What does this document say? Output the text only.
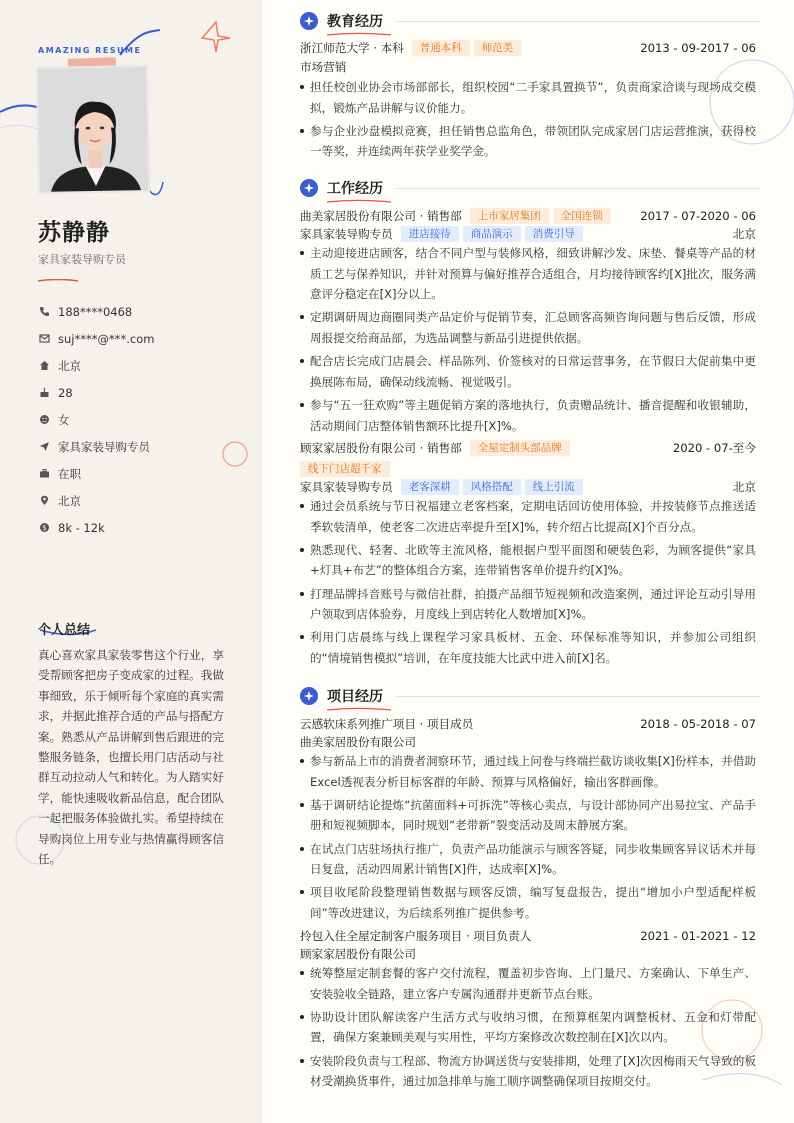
AMAZING RESUME
苏静静
家具家装导购专员
188****0468
suj****@***.com
北京
28
女
家具家装导购专员
在职
北京
$ 8k - 12k
个人总结
真心喜欢家具家装零售这个行业，享受帮顾客把房子变成家的过程。我做事细致，乐于倾听每个家庭的真实需求，并据此推荐合适的产品与搭配方案。熟悉从产品讲解到售后跟进的完整服务链条，也擅长用门店活动与社群互动拉动人气和转化。为人踏实好学，能快速吸收新品信息，配合团队一起把服务体验做扎实。希望持续在导购岗位上用专业与热情赢得顾客信任。
教育经历
浙江师范大学 · 本科	普通本科	师范类	2013 - 09-2017 - 06
市场营销
担任校创业协会市场部部长，组织校园“二手家具置换节”，负责商家洽谈与现场成交模拟，锻炼产品讲解与议价能力。
参与企业沙盘模拟竞赛，担任销售总监角色，带领团队完成家居门店运营推演，获得校一等奖，并连续两年获学业奖学金。
工作经历
曲美家居股份有限公司 · 销售部	上市家居集团	全国连锁	2017 - 07-2020 - 06
家具家装导购专员	进店接待	商品演示	消费引导	北京
主动迎接进店顾客，结合不同户型与装修风格，细致讲解沙发、床垫、餐桌等产品的材质工艺与保养知识，并针对预算与偏好推荐合适组合，月均接待顾客约[X]批次，服务满意评分稳定在[X]分以上。
定期调研周边商圈同类产品定价与促销节奏，汇总顾客高频咨询问题与售后反馈，形成周报提交给商品部，为选品调整与新品引进提供依据。
配合店长完成门店晨会、样品陈列、价签核对的日常运营事务，在节假日大促前集中更换展陈布局，确保动线流畅、视觉吸引。
参与“五一狂欢购”等主题促销方案的落地执行，负责赠品统计、播音提醒和收银辅助，活动期间门店整体销售额环比提升[X]%。
顾家家居股份有限公司 · 销售部	全屋定制头部品牌	2020 - 07-至今
线下门店超千家
家具家装导购专员	老客深耕	风格搭配	线上引流	北京
通过会员系统与节日祝福建立老客档案，定期电话回访使用体验，并按装修节点推送适季软装清单，使老客二次进店率提升至[X]%，转介绍占比提高[X]个百分点。
熟悉现代、轻奢、北欧等主流风格，能根据户型平面图和硬装色彩，为顾客提供“家具+灯具+布艺”的整体组合方案，连带销售客单价提升约[X]%。
打理品牌抖音账号与微信社群，拍摄产品细节短视频和改造案例，通过评论互动引导用户领取到店体验券，月度线上到店转化人数增加[X]%。
利用门店晨练与线上课程学习家具板材、五金、环保标准等知识，并参加公司组织的“情境销售模拟”培训，在年度技能大比武中进入前[X]名。
项目经历
云感软床系列推广项目 · 项目成员	2018 - 05-2018 - 07
曲美家居股份有限公司
参与新品上市的消费者洞察环节，通过线上问卷与终端拦截访谈收集[X]份样本，并借助Excel透视表分析目标客群的年龄、预算与风格偏好，输出客群画像。
基于调研结论提炼“抗菌面料+可拆洗”等核心卖点，与设计部协同产出易拉宝、产品手册和短视频脚本，同时规划“老带新”裂变活动及周末静展方案。
在试点门店驻场执行推广，负责产品功能演示与顾客答疑，同步收集顾客异议话术并每日复盘，活动四周累计销售[X]件，达成率[X]%。
项目收尾阶段整理销售数据与顾客反馈，编写复盘报告，提出“增加小户型适配样板间”等改进建议，为后续系列推广提供参考。
拎包入住全屋定制客户服务项目 · 项目负责人	2021 - 01-2021 - 12
顾家家居股份有限公司
统筹整屋定制套餐的客户交付流程，覆盖初步咨询、上门量尺、方案确认、下单生产、安装验收全链路，建立客户专属沟通群并更新节点台账。
协助设计团队解读客户生活方式与收纳习惯，在预算框架内调整板材、五金和灯带配置，确保方案兼顾美观与实用性，平均方案修改次数控制在[X]次以内。
安装阶段负责与工程部、物流方协调送货与安装排期，处理了[X]次因梅雨天气导致的板材受潮换货事件，通过加急排单与施工顺序调整确保项目按期交付。
